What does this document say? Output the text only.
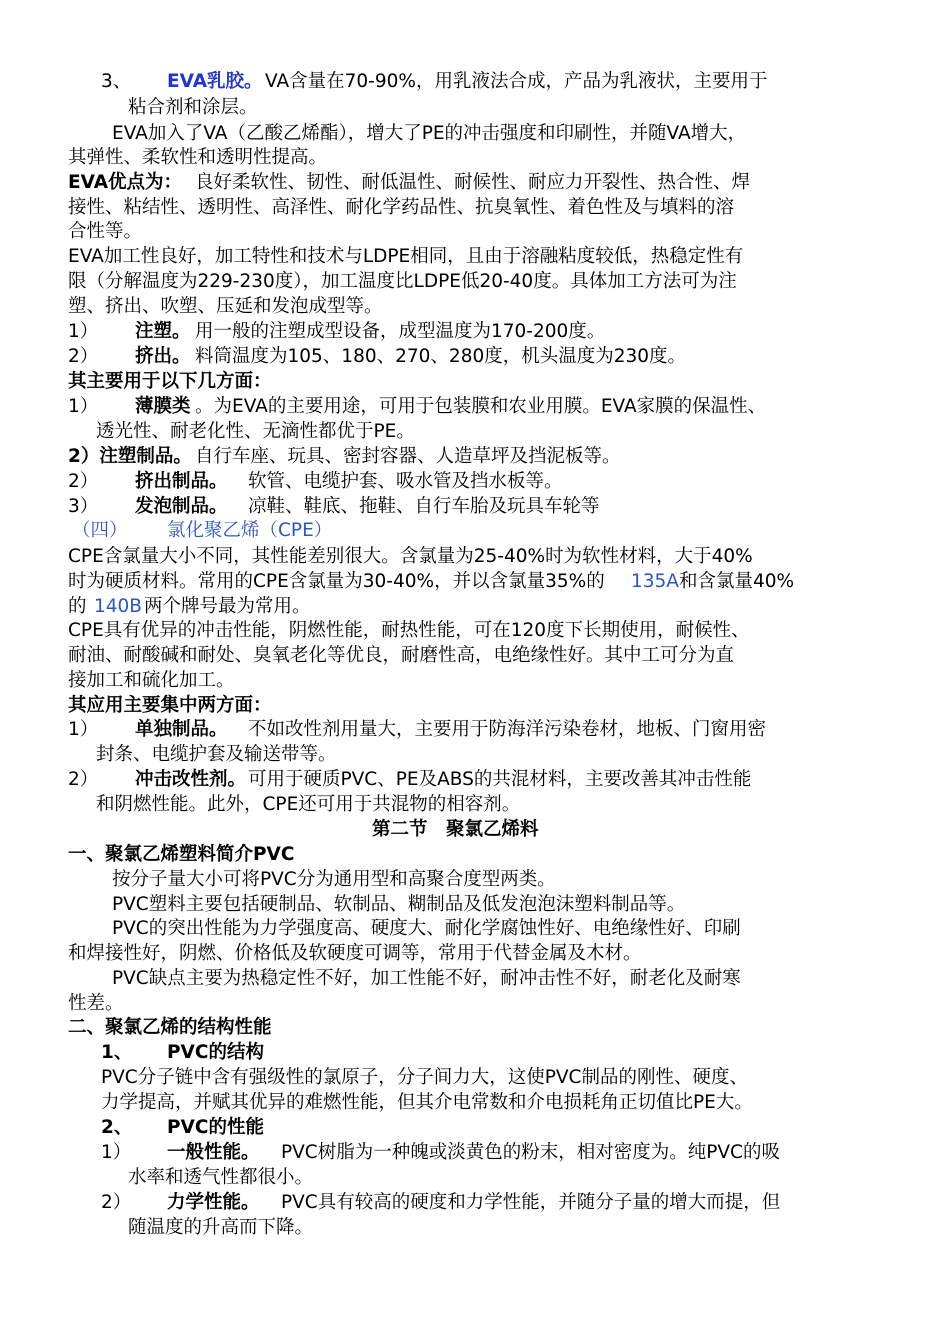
3、 EVA乳胶。 VA含量在70-90%，用乳液法合成，产品为乳液状，主要用于
粘合剂和涂层。
EVA加入了VA（乙酸乙烯酯），增大了PE的冲击强度和印刷性，并随VA增大，
其弹性、柔软性和透明性提高。
EVA优点为： 良好柔软性、韧性、耐低温性、耐候性、耐应力开裂性、热合性、焊
接性、粘结性、透明性、高泽性、耐化学药品性、抗臭氧性、着色性及与填料的溶
合性等。
EVA加工性良好，加工特性和技术与LDPE相同，且由于溶融粘度较低，热稳定性有
限（分解温度为229-230度），加工温度比LDPE低20-40度。具体加工方法可为注
塑、挤出、吹塑、压延和发泡成型等。
1） 注塑。 用一般的注塑成型设备，成型温度为170-200度。
2） 挤出。 料筒温度为105、180、270、280度，机头温度为230度。
其主要用于以下几方面：
1） 薄膜类 。为EVA的主要用途，可用于包装膜和农业用膜。EVA家膜的保温性、
透光性、耐老化性、无滴性都优于PE。
2）注塑制品。 自行车座、玩具、密封容器、人造草坪及挡泥板等。
2） 挤出制品。 软管、电缆护套、吸水管及挡水板等。
3） 发泡制品。 凉鞋、鞋底、拖鞋、自行车胎及玩具车轮等
（四） 氯化聚乙烯（CPE）
CPE含氯量大小不同，其性能差别很大。含氯量为25-40%时为软性材料，大于40%
时为硬质材料。常用的CPE含氯量为30-40%，并以含氯量35%的 135A 和含氯量40%
的 140B 两个牌号最为常用。
CPE具有优异的冲击性能，阴燃性能，耐热性能，可在120度下长期使用，耐候性、
耐油、耐酸碱和耐处、臭氧老化等优良，耐磨性高，电绝缘性好。其中工可分为直
接加工和硫化加工。
其应用主要集中两方面：
1） 单独制品。 不如改性剂用量大，主要用于防海洋污染卷材，地板、门窗用密
封条、电缆护套及输送带等。
2） 冲击改性剂。 可用于硬质PVC、PE及ABS的共混材料，主要改善其冲击性能
和阴燃性能。此外，CPE还可用于共混物的相容剂。
第二节　聚氯乙烯料
一、聚氯乙烯塑料简介PVC
按分子量大小可将PVC分为通用型和高聚合度型两类。
PVC塑料主要包括硬制品、软制品、糊制品及低发泡泡沫塑料制品等。
PVC的突出性能为力学强度高、硬度大、耐化学腐蚀性好、电绝缘性好、印刷
和焊接性好，阴燃、价格低及软硬度可调等，常用于代替金属及木材。
PVC缺点主要为热稳定性不好，加工性能不好，耐冲击性不好，耐老化及耐寒
性差。
二、聚氯乙烯的结构性能
1、 PVC的结构
PVC分子链中含有强级性的氯原子，分子间力大，这使PVC制品的刚性、硬度、
力学提高，并赋其优异的难燃性能，但其介电常数和介电损耗角正切值比PE大。
2、 PVC的性能
1） 一般性能。 PVC树脂为一种魄或淡黄色的粉末，相对密度为。纯PVC的吸
水率和透气性都很小。
2） 力学性能。 PVC具有较高的硬度和力学性能，并随分子量的增大而提，但
随温度的升高而下降。
